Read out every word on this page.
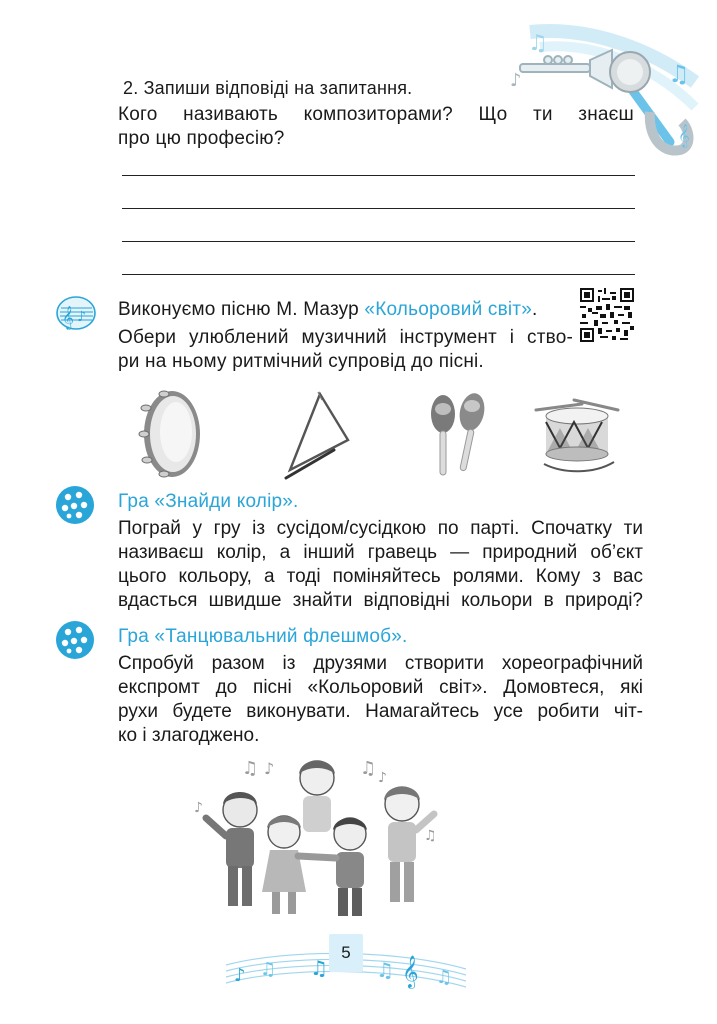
♫
♫
♪
𝄞
2. Запиши відповіді на запитання.
Кого називають композиторами? Що ти знаєш
про цю професію?
𝄞 ♪ Виконуємо пісню М. Мазур «Кольоровий світ».
Обери улюблений музичний інструмент і ство-
ри на ньому ритмічний супровід до пісні.
Гра «Знайди колір».
Пограй у гру із сусідом/сусідкою по парті. Спочатку ти
називаєш колір, а інший гравець — природний об’єкт
цього кольору, а тоді поміняйтесь ролями. Кому з вас
вдасться швидше знайти відповідні кольори в природі?
Гра «Танцювальний флешмоб».
Спробуй разом із друзями створити хореографічний
експромт до пісні «Кольоровий світ». Домовтеся, які
рухи будете виконувати. Намагайтесь усе робити чіт-
ко і злагоджено.
♫ ♪	♫ ♪
♪
♫
♪ ♫ ♫ ♫ 𝄞 ♫
5
